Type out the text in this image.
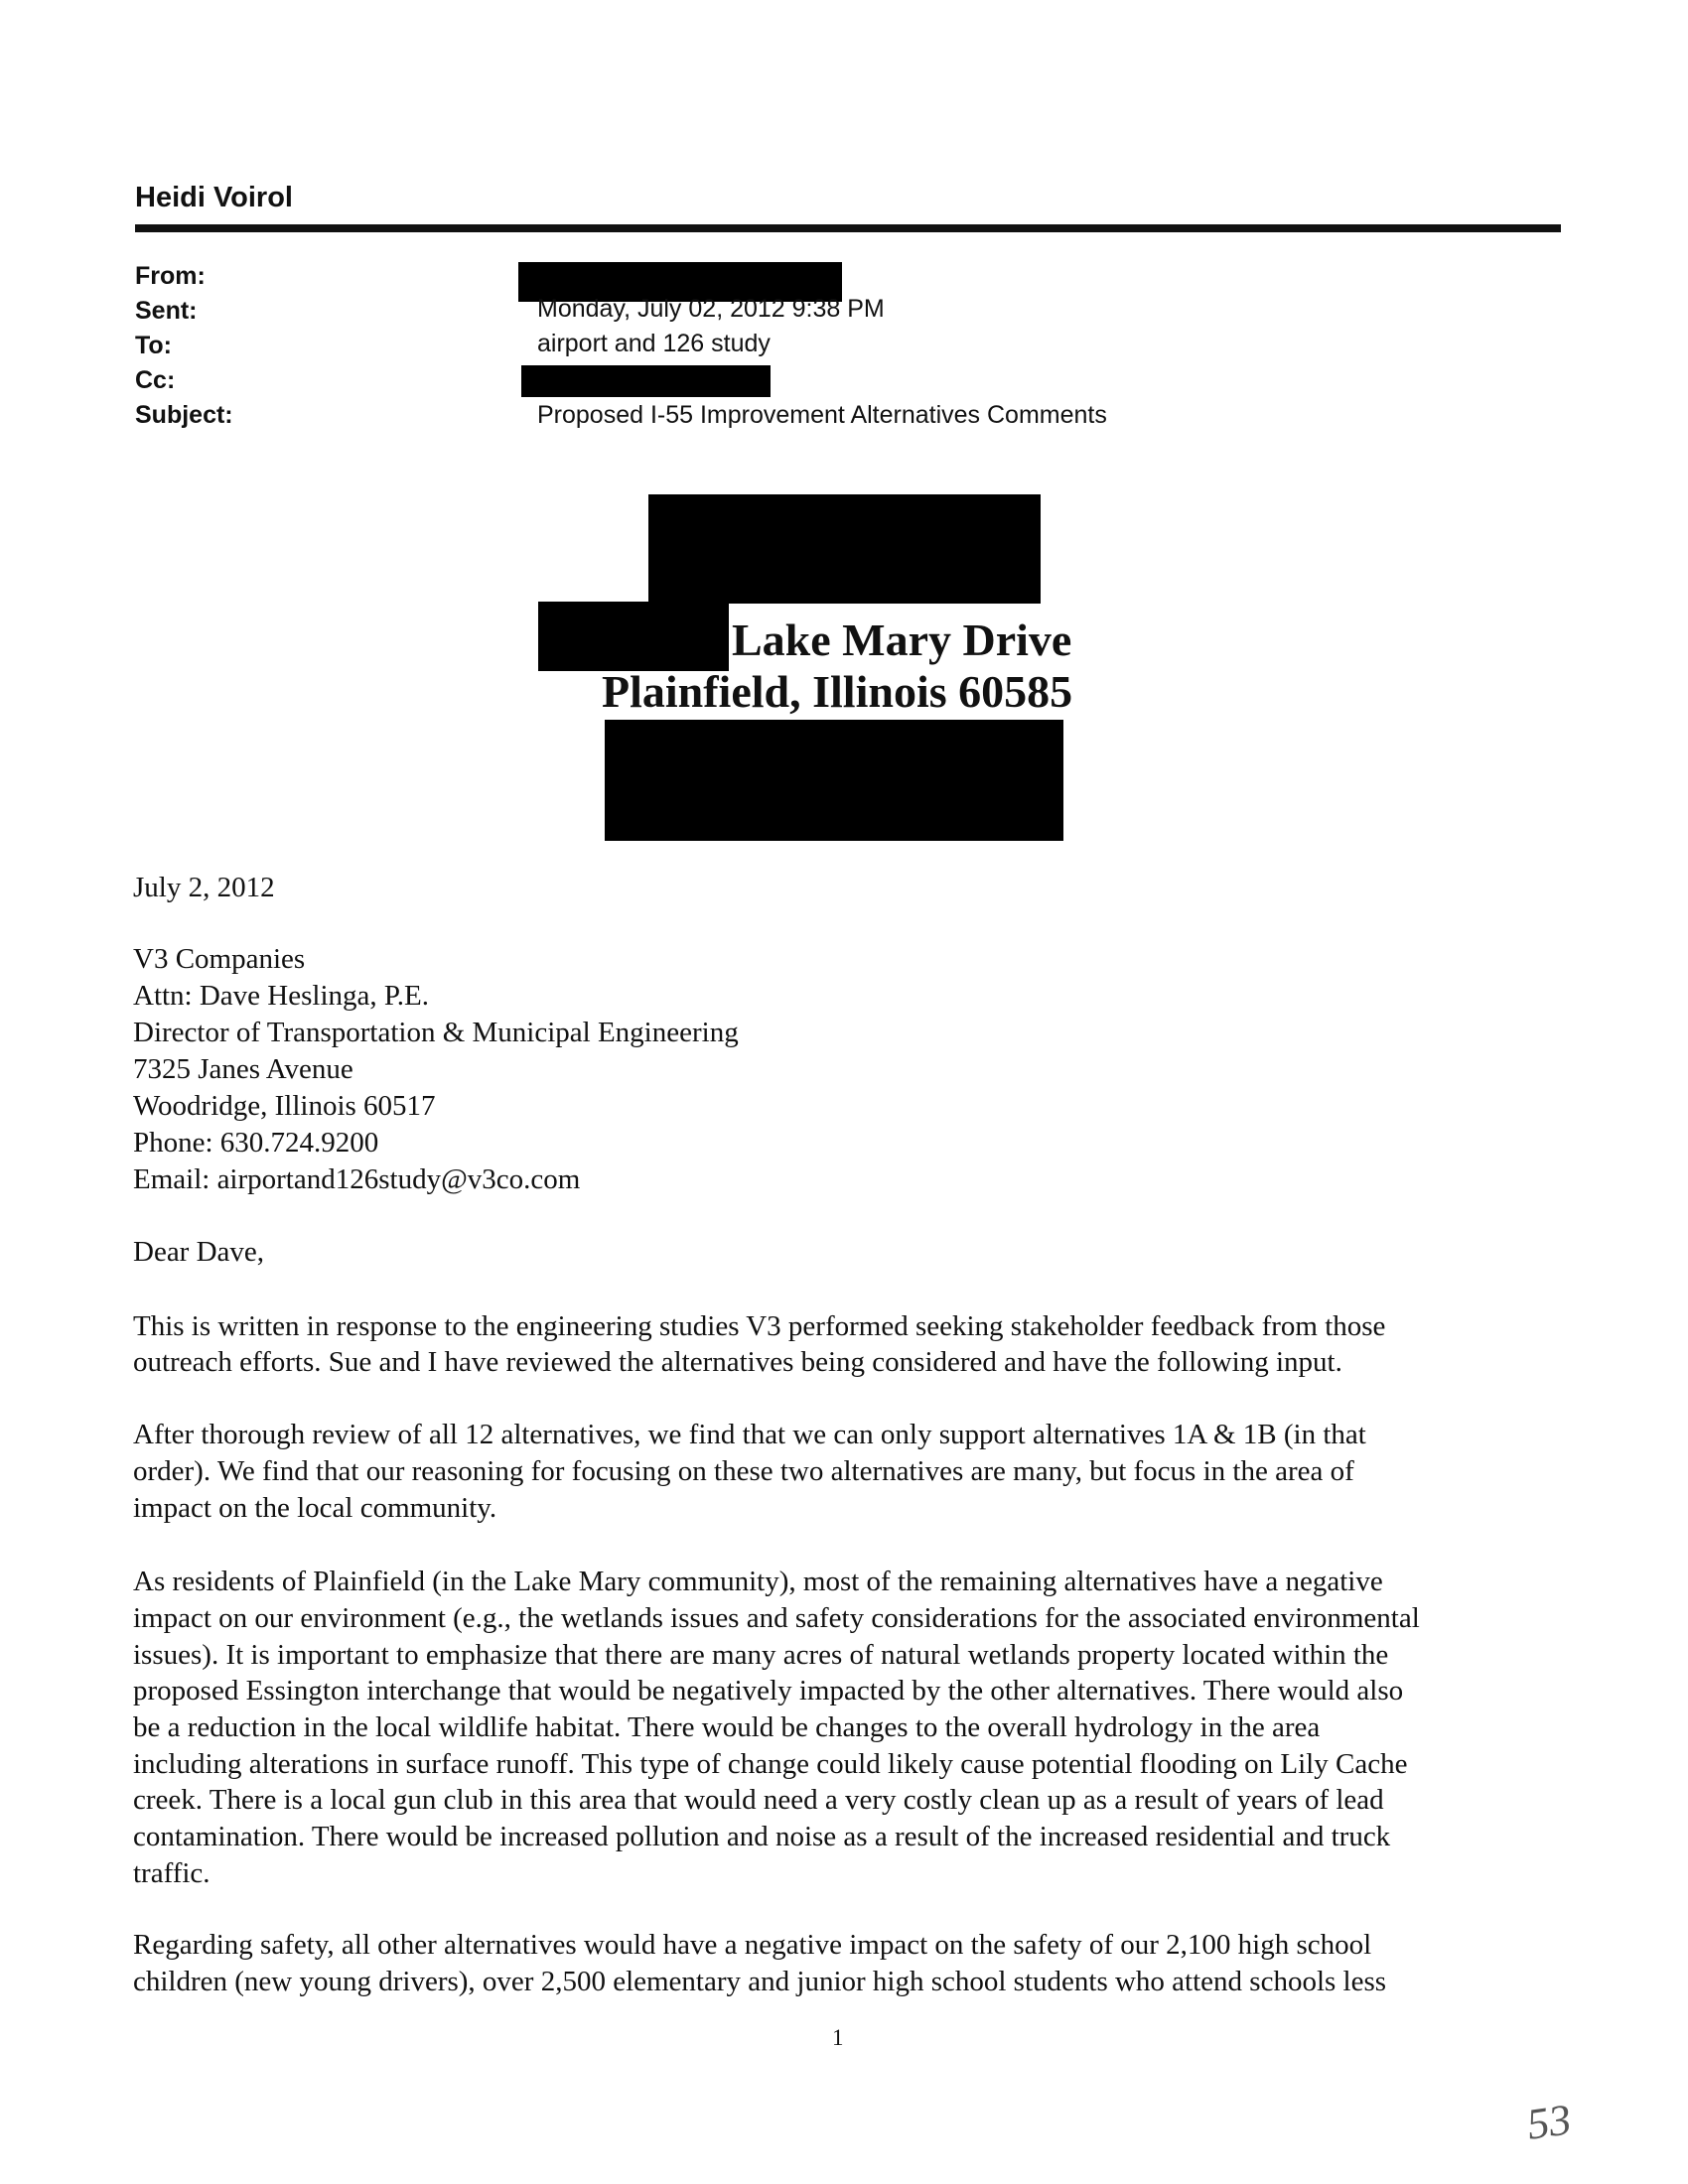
Heidi Voirol
From:
Sent:	Monday, July 02, 2012 9:38 PM
To:	airport and 126 study
Cc:
Subject:	Proposed I-55 Improvement Alternatives Comments
Lake Mary Drive
Plainfield, Illinois 60585
July 2, 2012
V3 Companies
Attn: Dave Heslinga, P.E.
Director of Transportation & Municipal Engineering
7325 Janes Avenue
Woodridge, Illinois 60517
Phone: 630.724.9200
Email: airportand126study@v3co.com
Dear Dave,
This is written in response to the engineering studies V3 performed seeking stakeholder feedback from those
outreach efforts. Sue and I have reviewed the alternatives being considered and have the following input.
After thorough review of all 12 alternatives, we find that we can only support alternatives 1A & 1B (in that
order). We find that our reasoning for focusing on these two alternatives are many, but focus in the area of
impact on the local community.
As residents of Plainfield (in the Lake Mary community), most of the remaining alternatives have a negative
impact on our environment (e.g., the wetlands issues and safety considerations for the associated environmental
issues). It is important to emphasize that there are many acres of natural wetlands property located within the
proposed Essington interchange that would be negatively impacted by the other alternatives. There would also
be a reduction in the local wildlife habitat. There would be changes to the overall hydrology in the area
including alterations in surface runoff. This type of change could likely cause potential flooding on Lily Cache
creek. There is a local gun club in this area that would need a very costly clean up as a result of years of lead
contamination. There would be increased pollution and noise as a result of the increased residential and truck
traffic.
Regarding safety, all other alternatives would have a negative impact on the safety of our 2,100 high school
children (new young drivers), over 2,500 elementary and junior high school students who attend schools less
1
53
